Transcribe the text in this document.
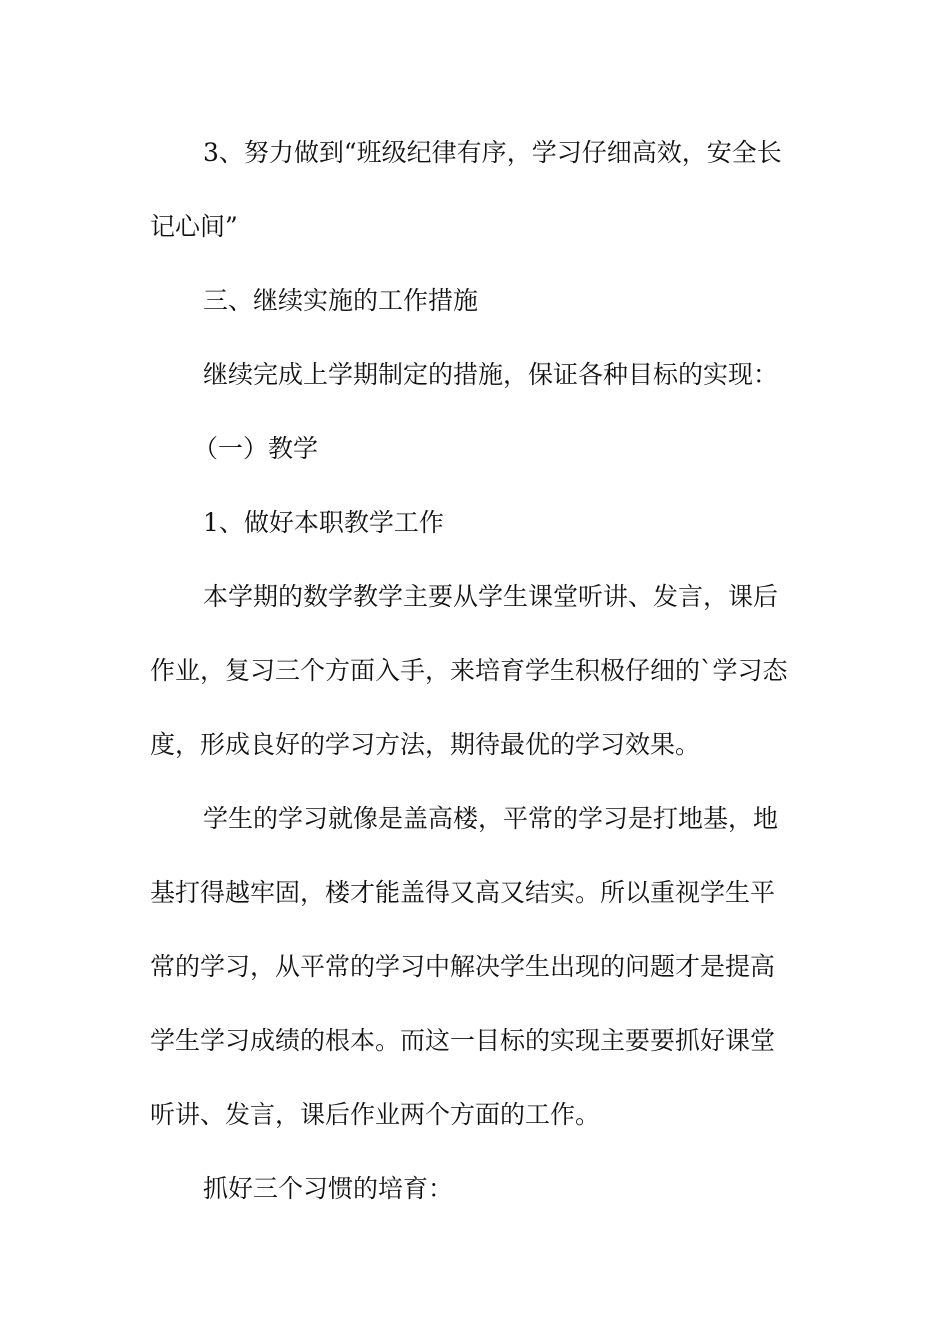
3、努力做到“班级纪律有序，学习仔细高效，安全长

记心间”

三、继续实施的工作措施

继续完成上学期制定的措施，保证各种目标的实现：

（一）教学

1、做好本职教学工作

本学期的数学教学主要从学生课堂听讲、发言，课后

作业，复习三个方面入手，来培育学生积极仔细的`学习态

度，形成良好的学习方法，期待最优的学习效果。

学生的学习就像是盖高楼，平常的学习是打地基，地

基打得越牢固，楼才能盖得又高又结实。所以重视学生平

常的学习，从平常的学习中解决学生出现的问题才是提高

学生学习成绩的根本。而这一目标的实现主要要抓好课堂

听讲、发言，课后作业两个方面的工作。

抓好三个习惯的培育：
